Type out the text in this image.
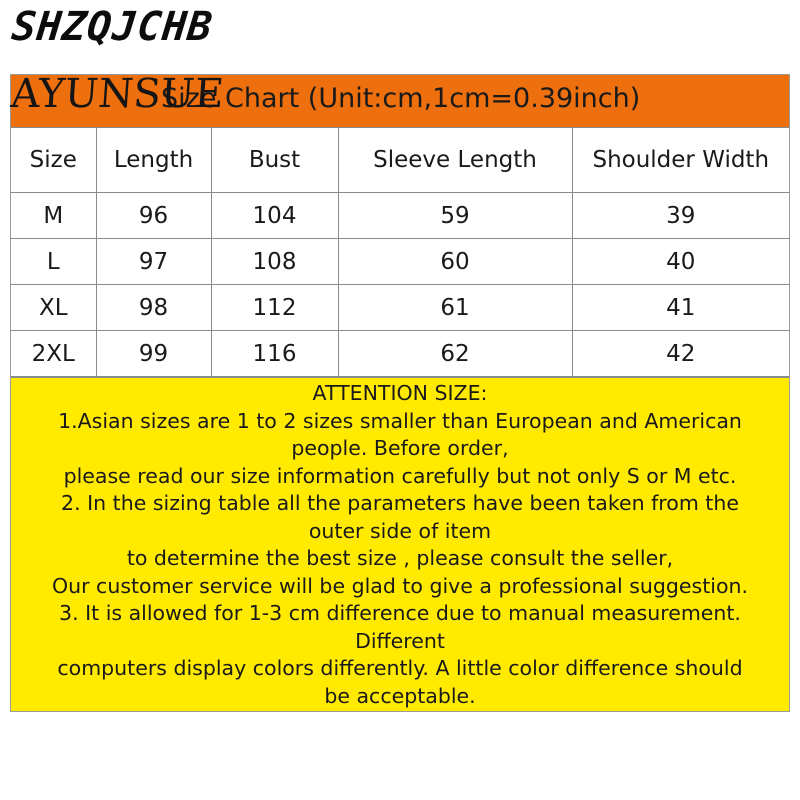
SHZQJCHB
Size Chart (Unit:cm,1cm=0.39inch)
AYUNSUE
Size	Length	Bust	Sleeve Length	Shoulder Width
M	96	104	59	39
L	97	108	60	40
XL	98	112	61	41
2XL	99	116	62	42
ATTENTION SIZE:
1.Asian sizes are 1 to 2 sizes smaller than European and American
people. Before order,
please read our size information carefully but not only S or M etc.
2. In the sizing table all the parameters have been taken from the
outer side of item
to determine the best size , please consult the seller,
Our customer service will be glad to give a professional suggestion.
3. It is allowed for 1-3 cm difference due to manual measurement.
Different
computers display colors differently. A little color difference should
be acceptable.
